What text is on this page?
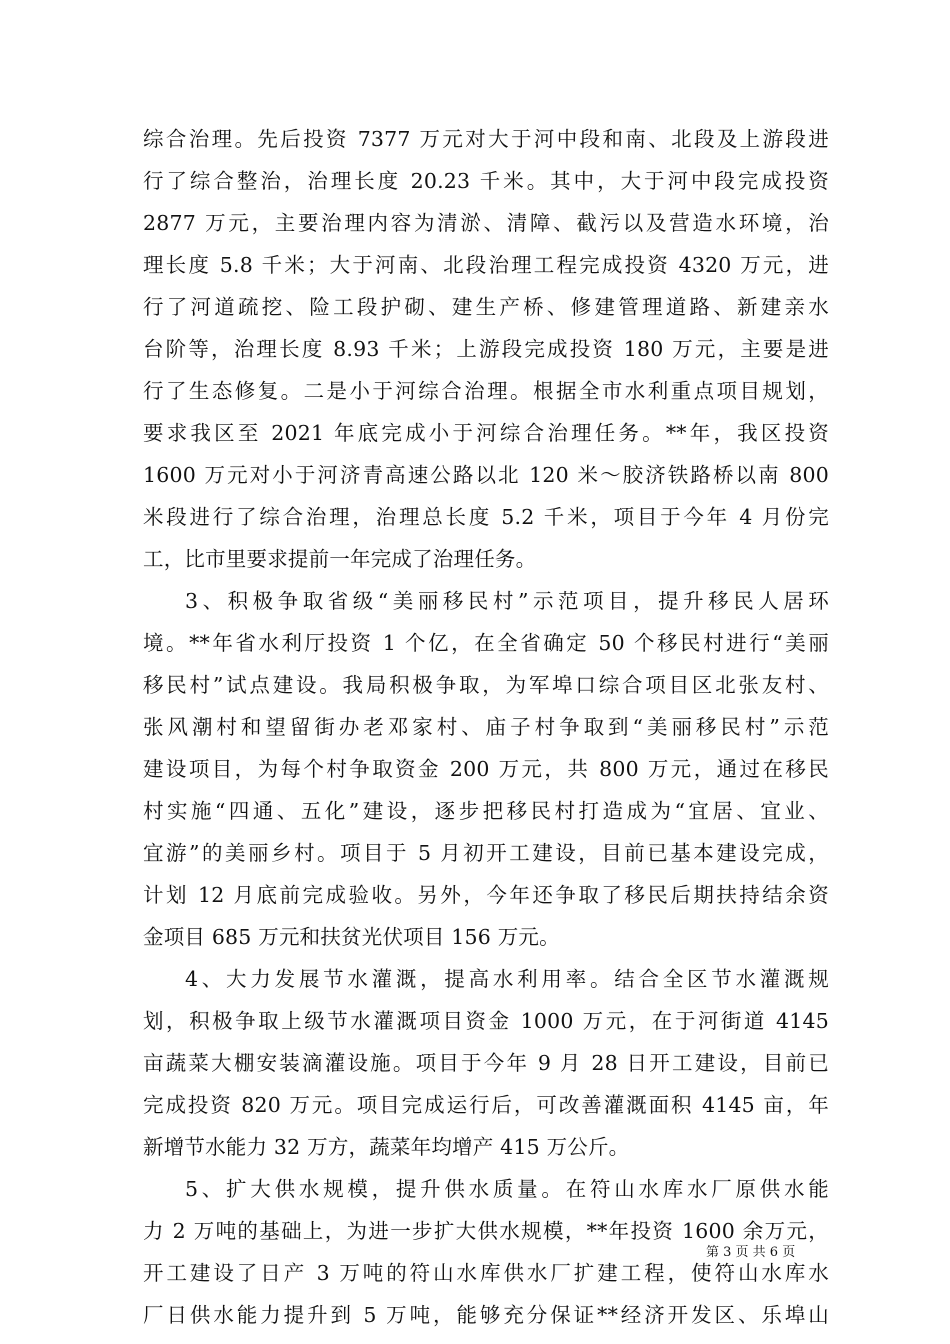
综合治理。先后投资 7377 万元对大于河中段和南、北段及上游段进
行了综合整治，治理长度 20.23 千米。其中，大于河中段完成投资
2877 万元，主要治理内容为清淤、清障、截污以及营造水环境，治
理长度 5.8 千米；大于河南、北段治理工程完成投资 4320 万元，进
行了河道疏挖、险工段护砌、建生产桥、修建管理道路、新建亲水
台阶等，治理长度 8.93 千米；上游段完成投资 180 万元，主要是进
行了生态修复。二是小于河综合治理。根据全市水利重点项目规划，
要求我区至 2021 年底完成小于河综合治理任务。**年，我区投资
1600 万元对小于河济青高速公路以北 120 米～胶济铁路桥以南 800
米段进行了综合治理，治理总长度 5.2 千米，项目于今年 4 月份完
工，比市里要求提前一年完成了治理任务。
3、积极争取省级“美丽移民村”示范项目，提升移民人居环
境。**年省水利厅投资 1 个亿，在全省确定 50 个移民村进行“美丽
移民村”试点建设。我局积极争取，为军埠口综合项目区北张友村、
张风潮村和望留街办老邓家村、庙子村争取到“美丽移民村”示范
建设项目，为每个村争取资金 200 万元，共 800 万元，通过在移民
村实施“四通、五化”建设，逐步把移民村打造成为“宜居、宜业、
宜游”的美丽乡村。项目于 5 月初开工建设，目前已基本建设完成，
计划 12 月底前完成验收。另外，今年还争取了移民后期扶持结余资
金项目 685 万元和扶贫光伏项目 156 万元。
4、大力发展节水灌溉，提高水利用率。结合全区节水灌溉规
划，积极争取上级节水灌溉项目资金 1000 万元，在于河街道 4145
亩蔬菜大棚安装滴灌设施。项目于今年 9 月 28 日开工建设，目前已
完成投资 820 万元。项目完成运行后，可改善灌溉面积 4145 亩，年
新增节水能力 32 万方，蔬菜年均增产 415 万公斤。
5、扩大供水规模，提升供水质量。在符山水库水厂原供水能
力 2 万吨的基础上，为进一步扩大供水规模，**年投资 1600 余万元，
开工建设了日产 3 万吨的符山水库供水厂扩建工程，使符山水库水
厂日供水能力提升到 5 万吨，能够充分保证**经济开发区、乐埠山
第 3 页 共 6 页
